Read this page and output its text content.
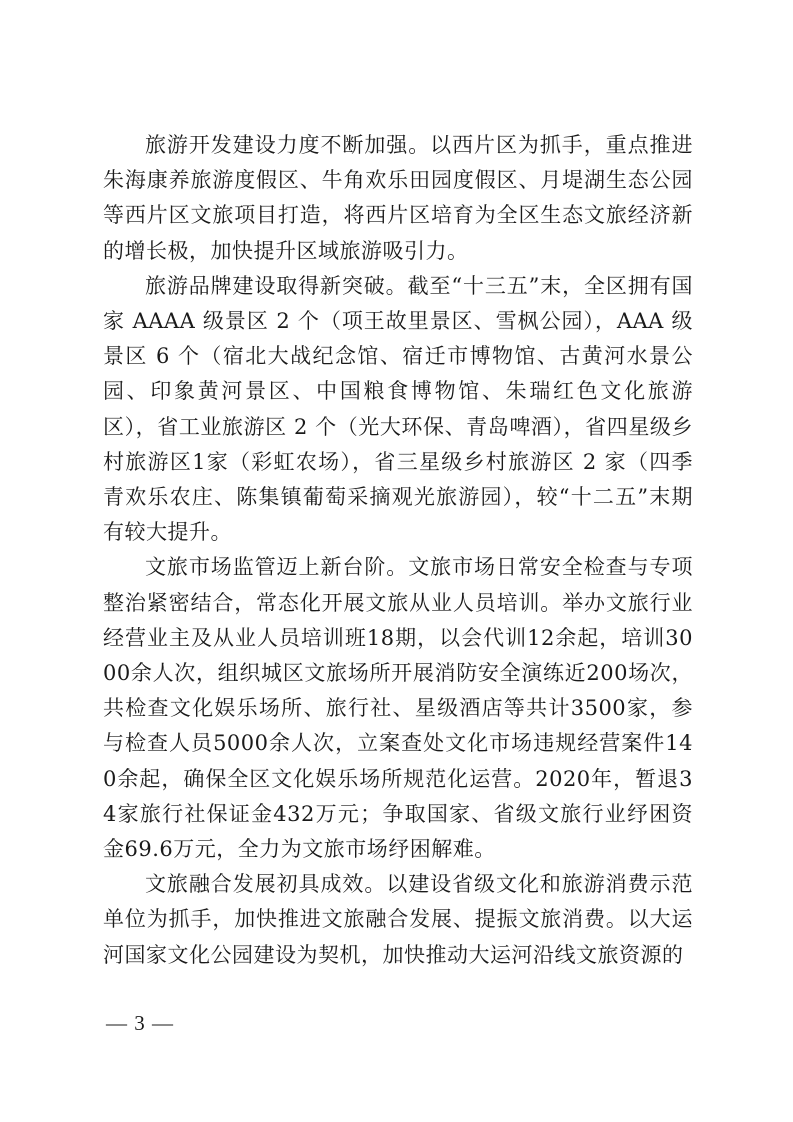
旅游开发建设力度不断加强。以西片区为抓手，重点推进朱海康养旅游度假区、牛角欢乐田园度假区、月堤湖生态公园等西片区文旅项目打造，将西片区培育为全区生态文旅经济新的增长极，加快提升区域旅游吸引力。

旅游品牌建设取得新突破。截至“十三五”末，全区拥有国家 AAAA 级景区 2 个（项王故里景区、雪枫公园），AAA 级景区 6 个（宿北大战纪念馆、宿迁市博物馆、古黄河水景公园、印象黄河景区、中国粮食博物馆、朱瑞红色文化旅游区），省工业旅游区 2 个（光大环保、青岛啤酒），省四星级乡村旅游区1家（彩虹农场），省三星级乡村旅游区 2 家（四季青欢乐农庄、陈集镇葡萄采摘观光旅游园），较“十二五”末期有较大提升。

文旅市场监管迈上新台阶。文旅市场日常安全检查与专项整治紧密结合，常态化开展文旅从业人员培训。举办文旅行业经营业主及从业人员培训班18期，以会代训12余起，培训3000余人次，组织城区文旅场所开展消防安全演练近200场次，共检查文化娱乐场所、旅行社、星级酒店等共计3500家，参与检查人员5000余人次，立案查处文化市场违规经营案件140余起，确保全区文化娱乐场所规范化运营。2020年，暂退34家旅行社保证金432万元；争取国家、省级文旅行业纾困资金69.6万元，全力为文旅市场纾困解难。

文旅融合发展初具成效。以建设省级文化和旅游消费示范单位为抓手，加快推进文旅融合发展、提振文旅消费。以大运河国家文化公园建设为契机，加快推动大运河沿线文旅资源的

— 3 —
